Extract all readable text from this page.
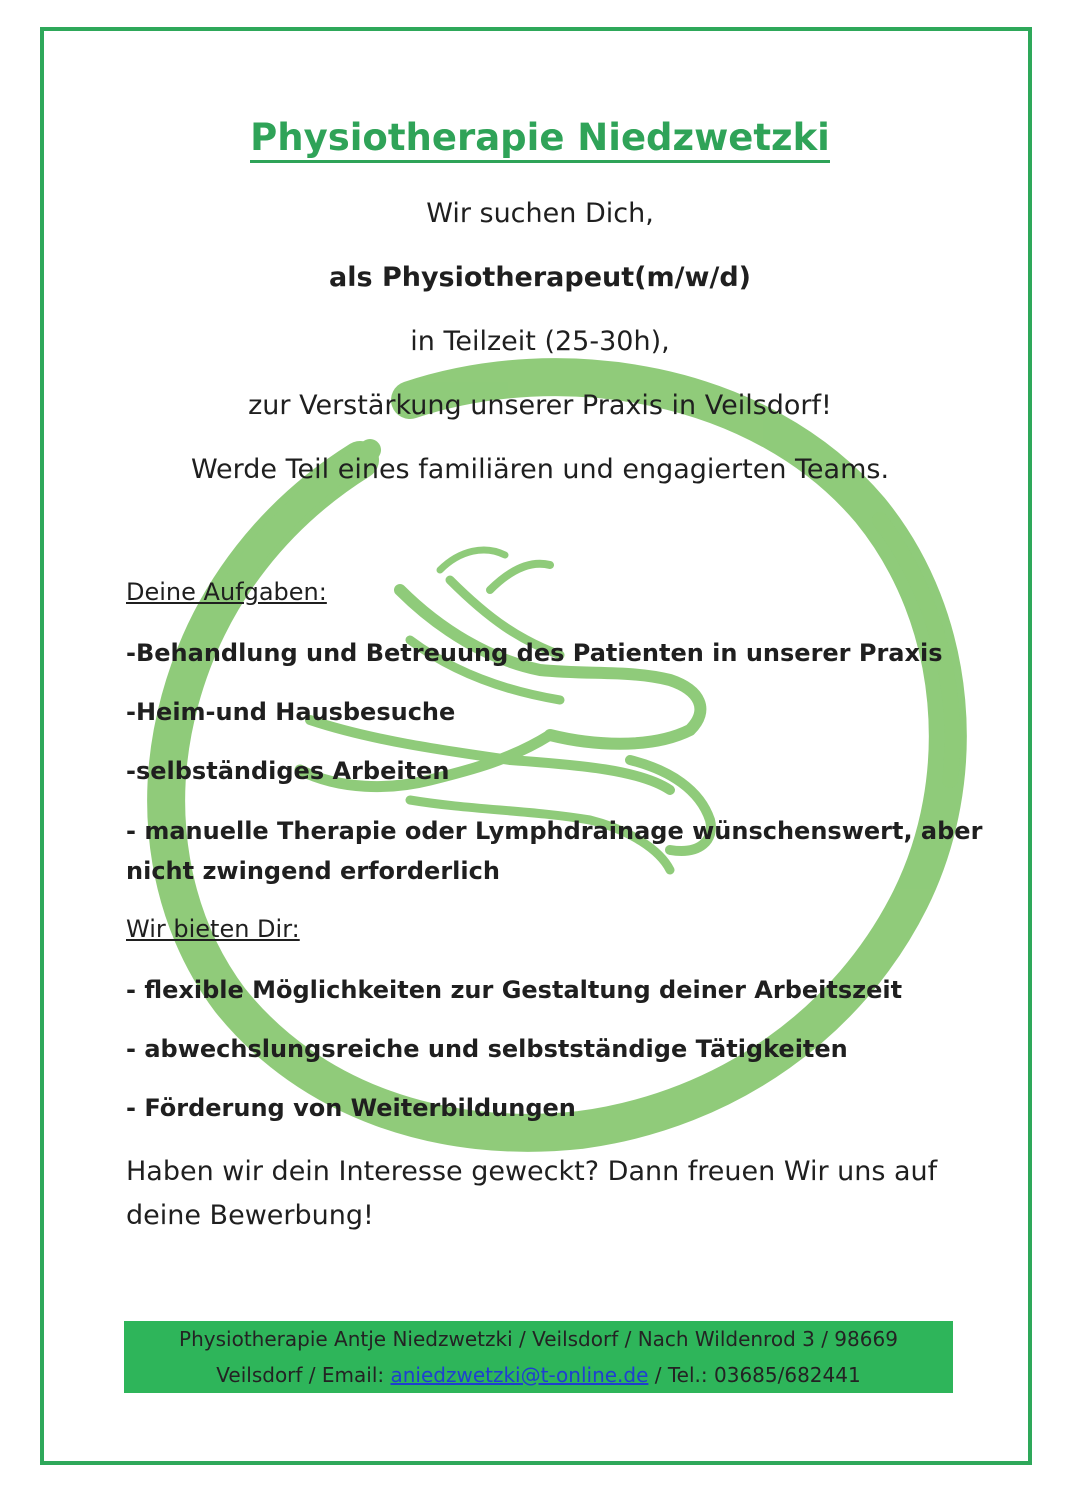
Physiotherapie Niedzwetzki
Wir suchen Dich,
als Physiotherapeut(m/w/d)
in Teilzeit (25-30h),
zur Verstärkung unserer Praxis in Veilsdorf!
Werde Teil eines familiären und engagierten Teams.
Deine Aufgaben:
-Behandlung und Betreuung des Patienten in unserer Praxis
-Heim-und Hausbesuche
-selbständiges Arbeiten
- manuelle Therapie oder Lymphdrainage wünschenswert, aber
nicht zwingend erforderlich
Wir bieten Dir:
- flexible Möglichkeiten zur Gestaltung deiner Arbeitszeit
- abwechslungsreiche und selbstständige Tätigkeiten
- Förderung von Weiterbildungen
Haben wir dein Interesse geweckt? Dann freuen Wir uns auf
deine Bewerbung!
Physiotherapie Antje Niedzwetzki / Veilsdorf / Nach Wildenrod 3 / 98669
Veilsdorf / Email: aniedzwetzki@t-online.de / Tel.: 03685/682441
